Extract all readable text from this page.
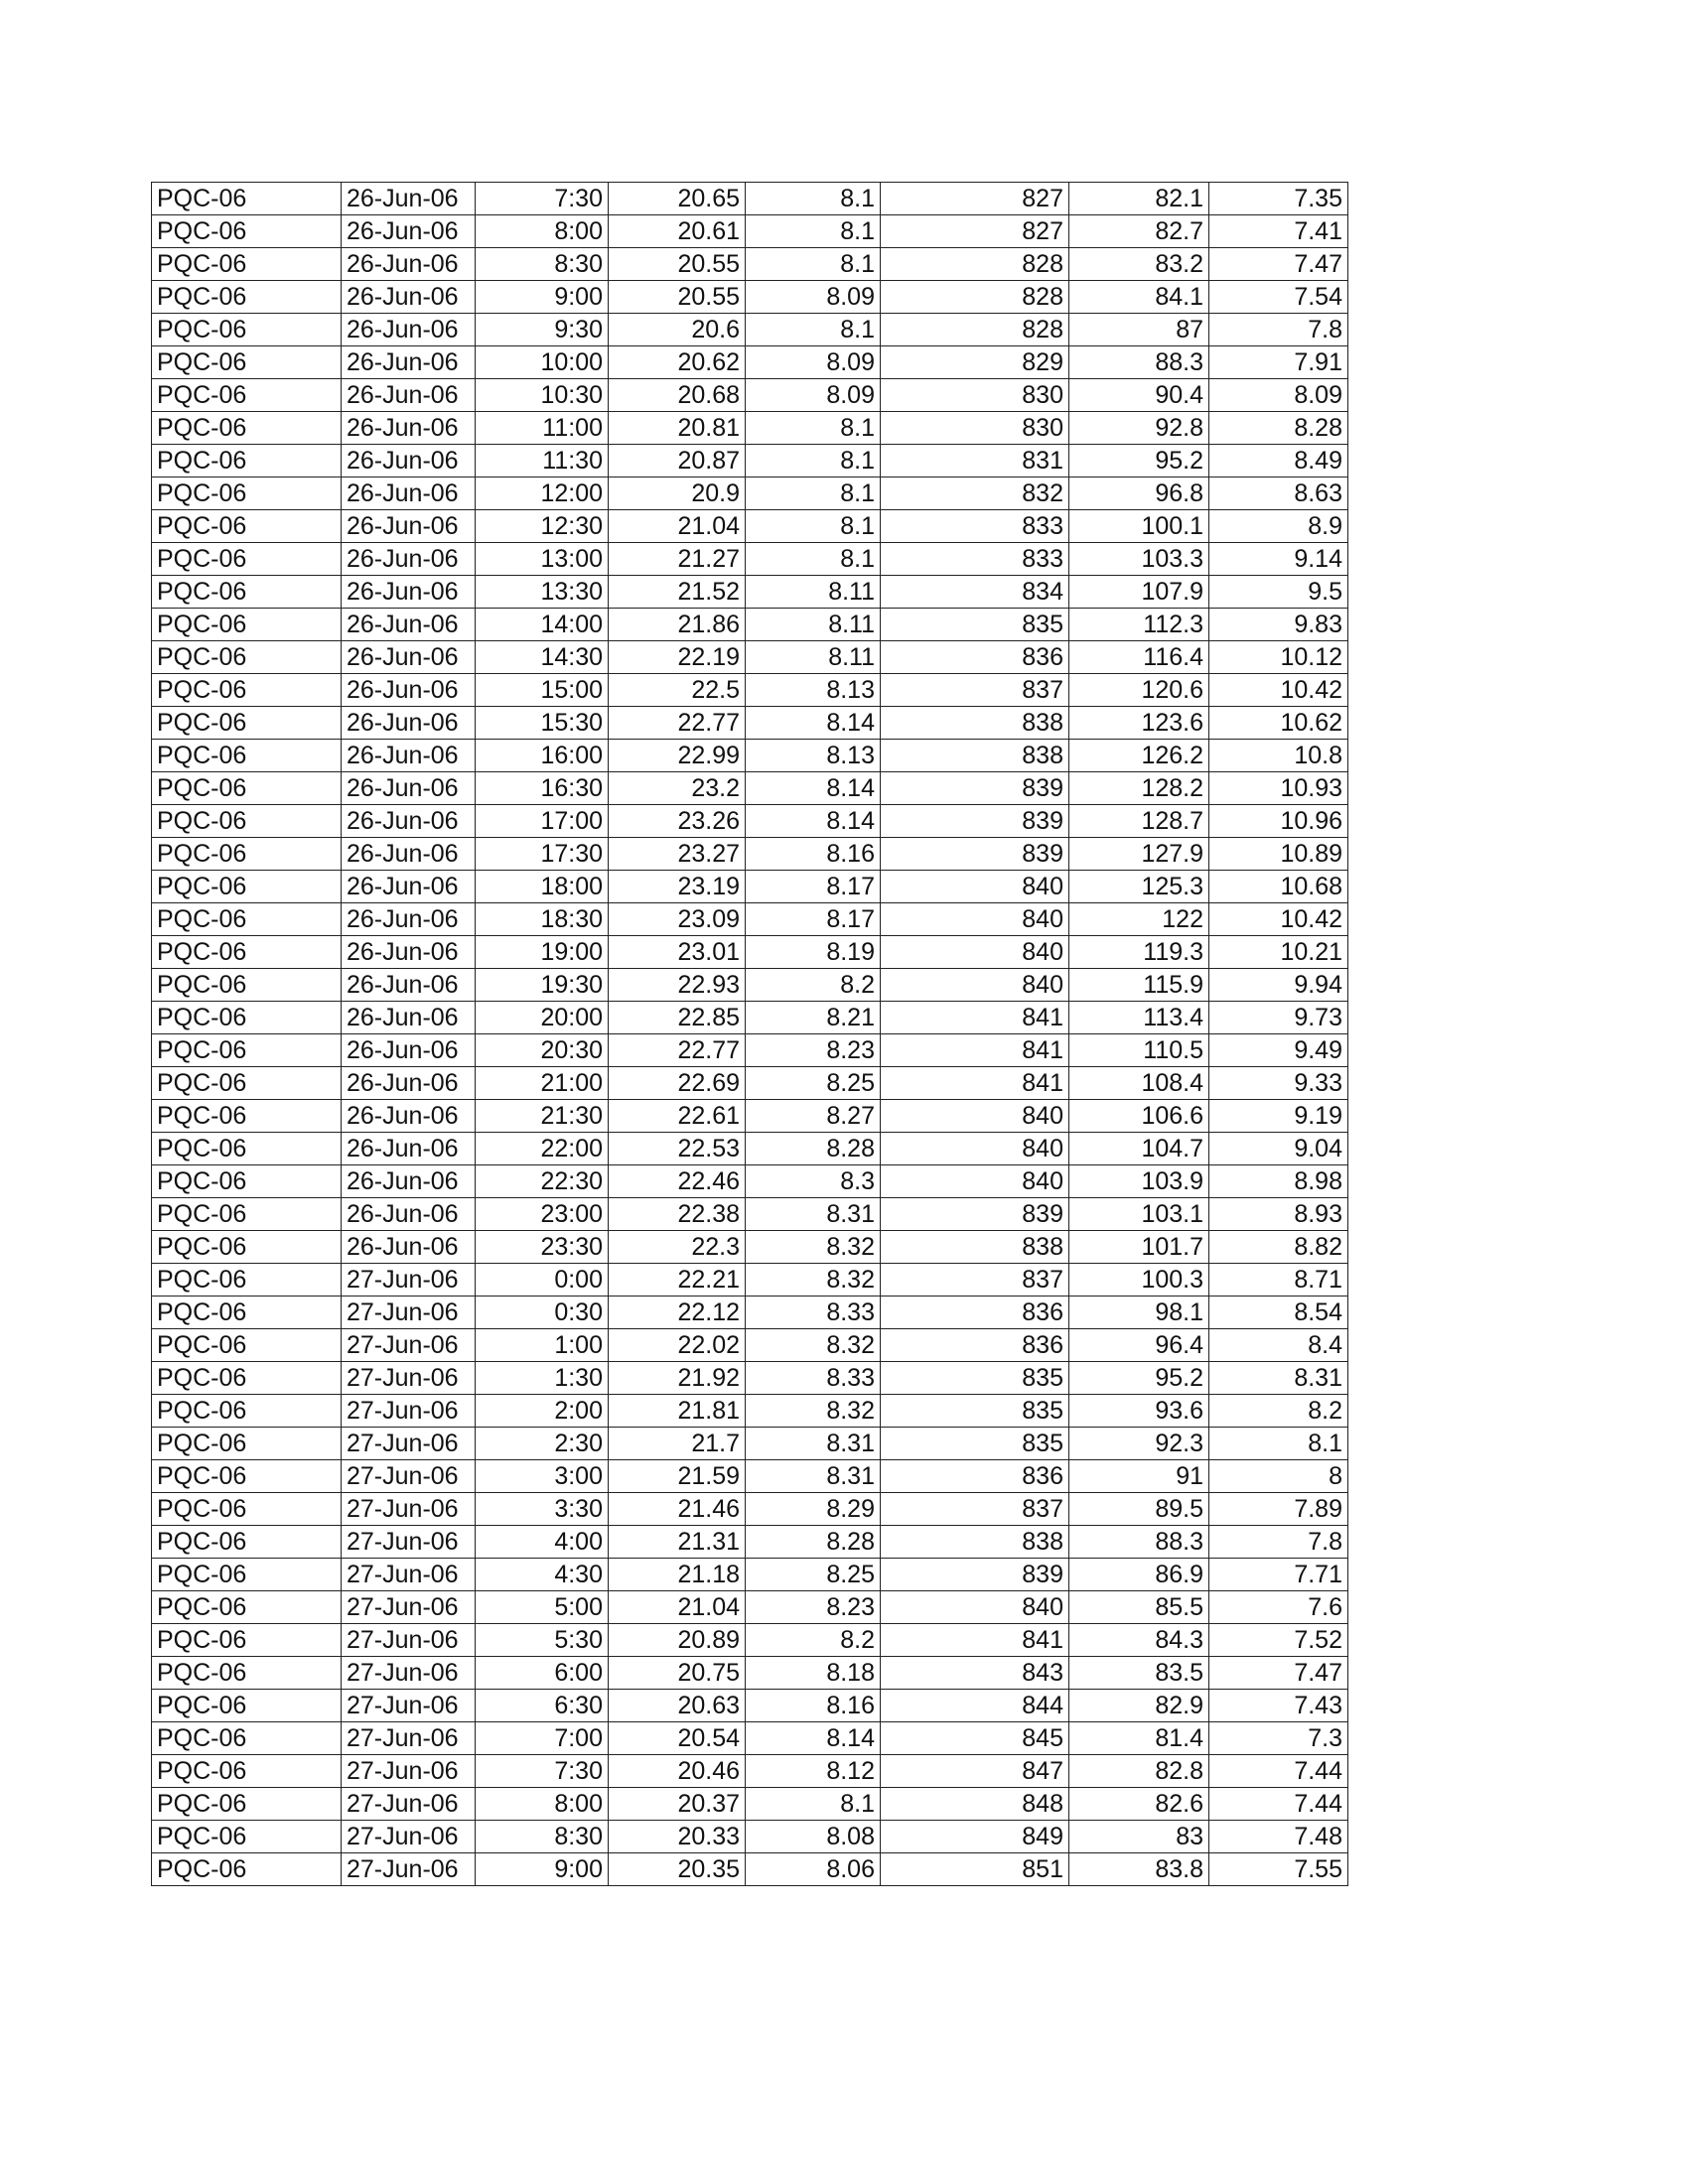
PQC-06	26-Jun-06	7:30	20.65	8.1	827	82.1	7.35
PQC-06	26-Jun-06	8:00	20.61	8.1	827	82.7	7.41
PQC-06	26-Jun-06	8:30	20.55	8.1	828	83.2	7.47
PQC-06	26-Jun-06	9:00	20.55	8.09	828	84.1	7.54
PQC-06	26-Jun-06	9:30	20.6	8.1	828	87	7.8
PQC-06	26-Jun-06	10:00	20.62	8.09	829	88.3	7.91
PQC-06	26-Jun-06	10:30	20.68	8.09	830	90.4	8.09
PQC-06	26-Jun-06	11:00	20.81	8.1	830	92.8	8.28
PQC-06	26-Jun-06	11:30	20.87	8.1	831	95.2	8.49
PQC-06	26-Jun-06	12:00	20.9	8.1	832	96.8	8.63
PQC-06	26-Jun-06	12:30	21.04	8.1	833	100.1	8.9
PQC-06	26-Jun-06	13:00	21.27	8.1	833	103.3	9.14
PQC-06	26-Jun-06	13:30	21.52	8.11	834	107.9	9.5
PQC-06	26-Jun-06	14:00	21.86	8.11	835	112.3	9.83
PQC-06	26-Jun-06	14:30	22.19	8.11	836	116.4	10.12
PQC-06	26-Jun-06	15:00	22.5	8.13	837	120.6	10.42
PQC-06	26-Jun-06	15:30	22.77	8.14	838	123.6	10.62
PQC-06	26-Jun-06	16:00	22.99	8.13	838	126.2	10.8
PQC-06	26-Jun-06	16:30	23.2	8.14	839	128.2	10.93
PQC-06	26-Jun-06	17:00	23.26	8.14	839	128.7	10.96
PQC-06	26-Jun-06	17:30	23.27	8.16	839	127.9	10.89
PQC-06	26-Jun-06	18:00	23.19	8.17	840	125.3	10.68
PQC-06	26-Jun-06	18:30	23.09	8.17	840	122	10.42
PQC-06	26-Jun-06	19:00	23.01	8.19	840	119.3	10.21
PQC-06	26-Jun-06	19:30	22.93	8.2	840	115.9	9.94
PQC-06	26-Jun-06	20:00	22.85	8.21	841	113.4	9.73
PQC-06	26-Jun-06	20:30	22.77	8.23	841	110.5	9.49
PQC-06	26-Jun-06	21:00	22.69	8.25	841	108.4	9.33
PQC-06	26-Jun-06	21:30	22.61	8.27	840	106.6	9.19
PQC-06	26-Jun-06	22:00	22.53	8.28	840	104.7	9.04
PQC-06	26-Jun-06	22:30	22.46	8.3	840	103.9	8.98
PQC-06	26-Jun-06	23:00	22.38	8.31	839	103.1	8.93
PQC-06	26-Jun-06	23:30	22.3	8.32	838	101.7	8.82
PQC-06	27-Jun-06	0:00	22.21	8.32	837	100.3	8.71
PQC-06	27-Jun-06	0:30	22.12	8.33	836	98.1	8.54
PQC-06	27-Jun-06	1:00	22.02	8.32	836	96.4	8.4
PQC-06	27-Jun-06	1:30	21.92	8.33	835	95.2	8.31
PQC-06	27-Jun-06	2:00	21.81	8.32	835	93.6	8.2
PQC-06	27-Jun-06	2:30	21.7	8.31	835	92.3	8.1
PQC-06	27-Jun-06	3:00	21.59	8.31	836	91	8
PQC-06	27-Jun-06	3:30	21.46	8.29	837	89.5	7.89
PQC-06	27-Jun-06	4:00	21.31	8.28	838	88.3	7.8
PQC-06	27-Jun-06	4:30	21.18	8.25	839	86.9	7.71
PQC-06	27-Jun-06	5:00	21.04	8.23	840	85.5	7.6
PQC-06	27-Jun-06	5:30	20.89	8.2	841	84.3	7.52
PQC-06	27-Jun-06	6:00	20.75	8.18	843	83.5	7.47
PQC-06	27-Jun-06	6:30	20.63	8.16	844	82.9	7.43
PQC-06	27-Jun-06	7:00	20.54	8.14	845	81.4	7.3
PQC-06	27-Jun-06	7:30	20.46	8.12	847	82.8	7.44
PQC-06	27-Jun-06	8:00	20.37	8.1	848	82.6	7.44
PQC-06	27-Jun-06	8:30	20.33	8.08	849	83	7.48
PQC-06	27-Jun-06	9:00	20.35	8.06	851	83.8	7.55
